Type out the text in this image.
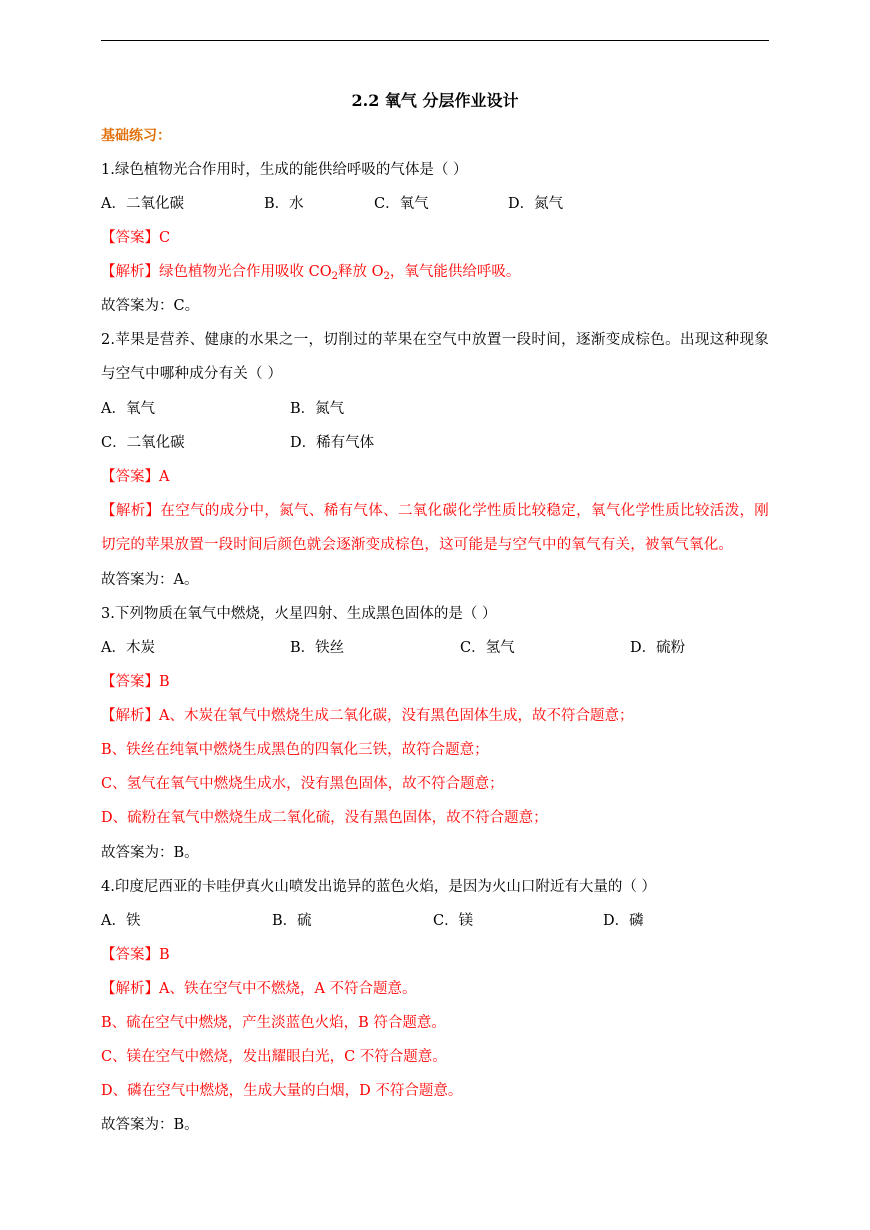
2.2 氧气 分层作业设计
基础练习：
1.绿色植物光合作用时，生成的能供给呼吸的气体是（ ）
A．二氧化碳	B．水	C．氧气	D．氮气
【答案】C
【解析】绿色植物光合作用吸收 $CO_2$释放 $O_2$，氧气能供给呼吸。
故答案为：C。
2.苹果是营养、健康的水果之一，切削过的苹果在空气中放置一段时间，逐渐变成棕色。出现这种现象与空气中哪种成分有关（ ）
A．氧气	B．氮气
C．二氧化碳	D．稀有气体
【答案】A
【解析】在空气的成分中，氮气、稀有气体、二氧化碳化学性质比较稳定，氧气化学性质比较活泼，刚切完的苹果放置一段时间后颜色就会逐渐变成棕色，这可能是与空气中的氧气有关，被氧气氧化。
故答案为：A。
3.下列物质在氧气中燃烧，火星四射、生成黑色固体的是（ ）
A．木炭	B．铁丝	C．氢气	D．硫粉
【答案】B
【解析】A、木炭在氧气中燃烧生成二氧化碳，没有黑色固体生成，故不符合题意；
B、铁丝在纯氧中燃烧生成黑色的四氧化三铁，故符合题意；
C、氢气在氧气中燃烧生成水，没有黑色固体，故不符合题意；
D、硫粉在氧气中燃烧生成二氧化硫，没有黑色固体，故不符合题意；
故答案为：B。
4.印度尼西亚的卡哇伊真火山喷发出诡异的蓝色火焰，是因为火山口附近有大量的（ ）
A．铁	B．硫	C．镁	D．磷
【答案】B
【解析】A、铁在空气中不燃烧，A 不符合题意。
B、硫在空气中燃烧，产生淡蓝色火焰，B 符合题意。
C、镁在空气中燃烧，发出耀眼白光，C 不符合题意。
D、磷在空气中燃烧，生成大量的白烟，D 不符合题意。
故答案为：B。
